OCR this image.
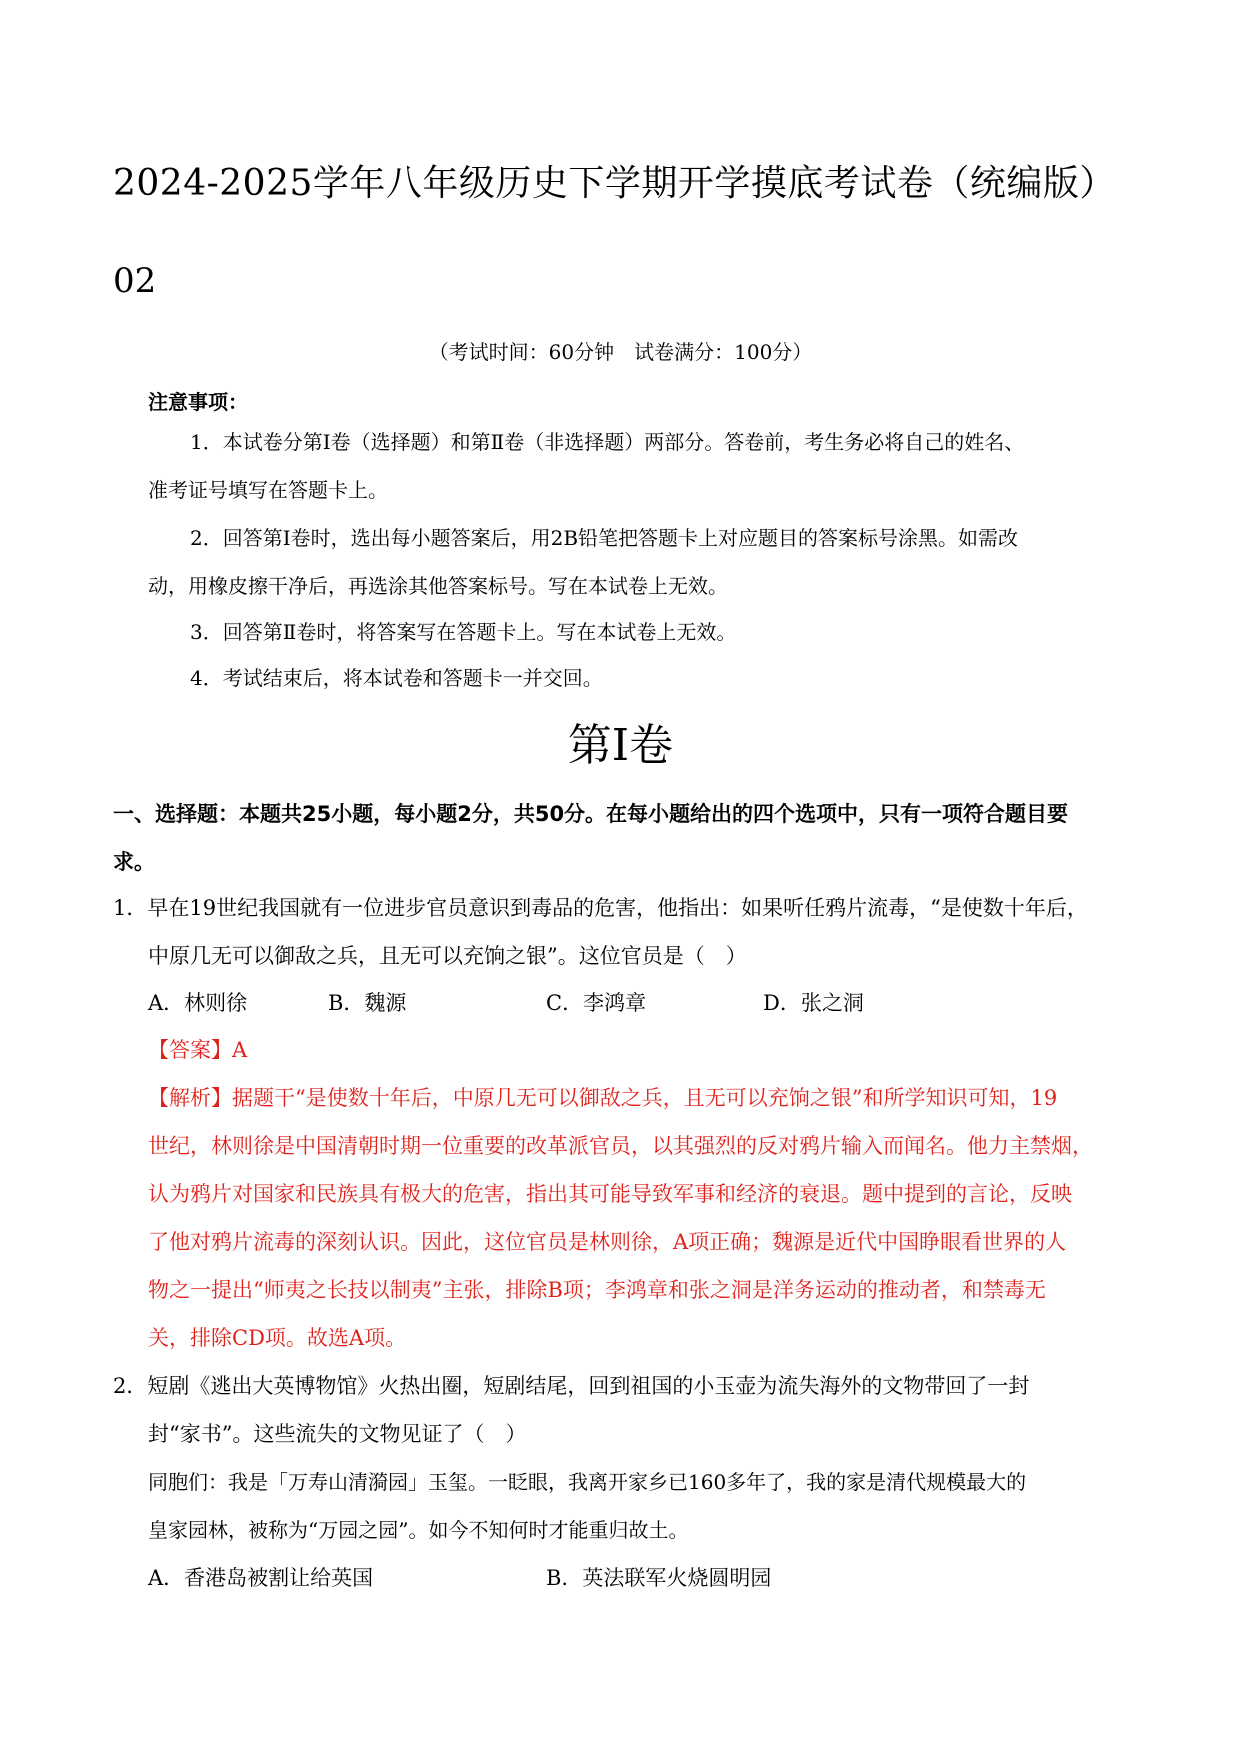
2024-2025学年八年级历史下学期开学摸底考试卷（统编版）
02
（考试时间：60分钟　试卷满分：100分）
注意事项：
1．本试卷分第Ⅰ卷（选择题）和第Ⅱ卷（非选择题）两部分。答卷前，考生务必将自己的姓名、
准考证号填写在答题卡上。
2．回答第Ⅰ卷时，选出每小题答案后，用2B铅笔把答题卡上对应题目的答案标号涂黑。如需改
动，用橡皮擦干净后，再选涂其他答案标号。写在本试卷上无效。
3．回答第Ⅱ卷时，将答案写在答题卡上。写在本试卷上无效。
4．考试结束后，将本试卷和答题卡一并交回。
第Ⅰ卷
一、选择题：本题共25小题，每小题2分，共50分。在每小题给出的四个选项中，只有一项符合题目要
求。
1．早在19世纪我国就有一位进步官员意识到毒品的危害，他指出：如果听任鸦片流毒，“是使数十年后，
中原几无可以御敌之兵，且无可以充饷之银”。这位官员是（　）
A．林则徐	B．魏源	C．李鸿章	D．张之洞
【答案】A
【解析】据题干“是使数十年后，中原几无可以御敌之兵，且无可以充饷之银”和所学知识可知，19
世纪，林则徐是中国清朝时期一位重要的改革派官员，以其强烈的反对鸦片输入而闻名。他力主禁烟，
认为鸦片对国家和民族具有极大的危害，指出其可能导致军事和经济的衰退。题中提到的言论，反映
了他对鸦片流毒的深刻认识。因此，这位官员是林则徐，A项正确；魏源是近代中国睁眼看世界的人
物之一提出“师夷之长技以制夷”主张，排除B项；李鸿章和张之洞是洋务运动的推动者，和禁毒无
关，排除CD项。故选A项。
2．短剧《逃出大英博物馆》火热出圈，短剧结尾，回到祖国的小玉壶为流失海外的文物带回了一封
封“家书”。这些流失的文物见证了（　）
同胞们：我是「万寿山清漪园」玉玺。一眨眼，我离开家乡已160多年了，我的家是清代规模最大的
皇家园林，被称为“万园之园”。如今不知何时才能重归故土。
A．香港岛被割让给英国	B．英法联军火烧圆明园
